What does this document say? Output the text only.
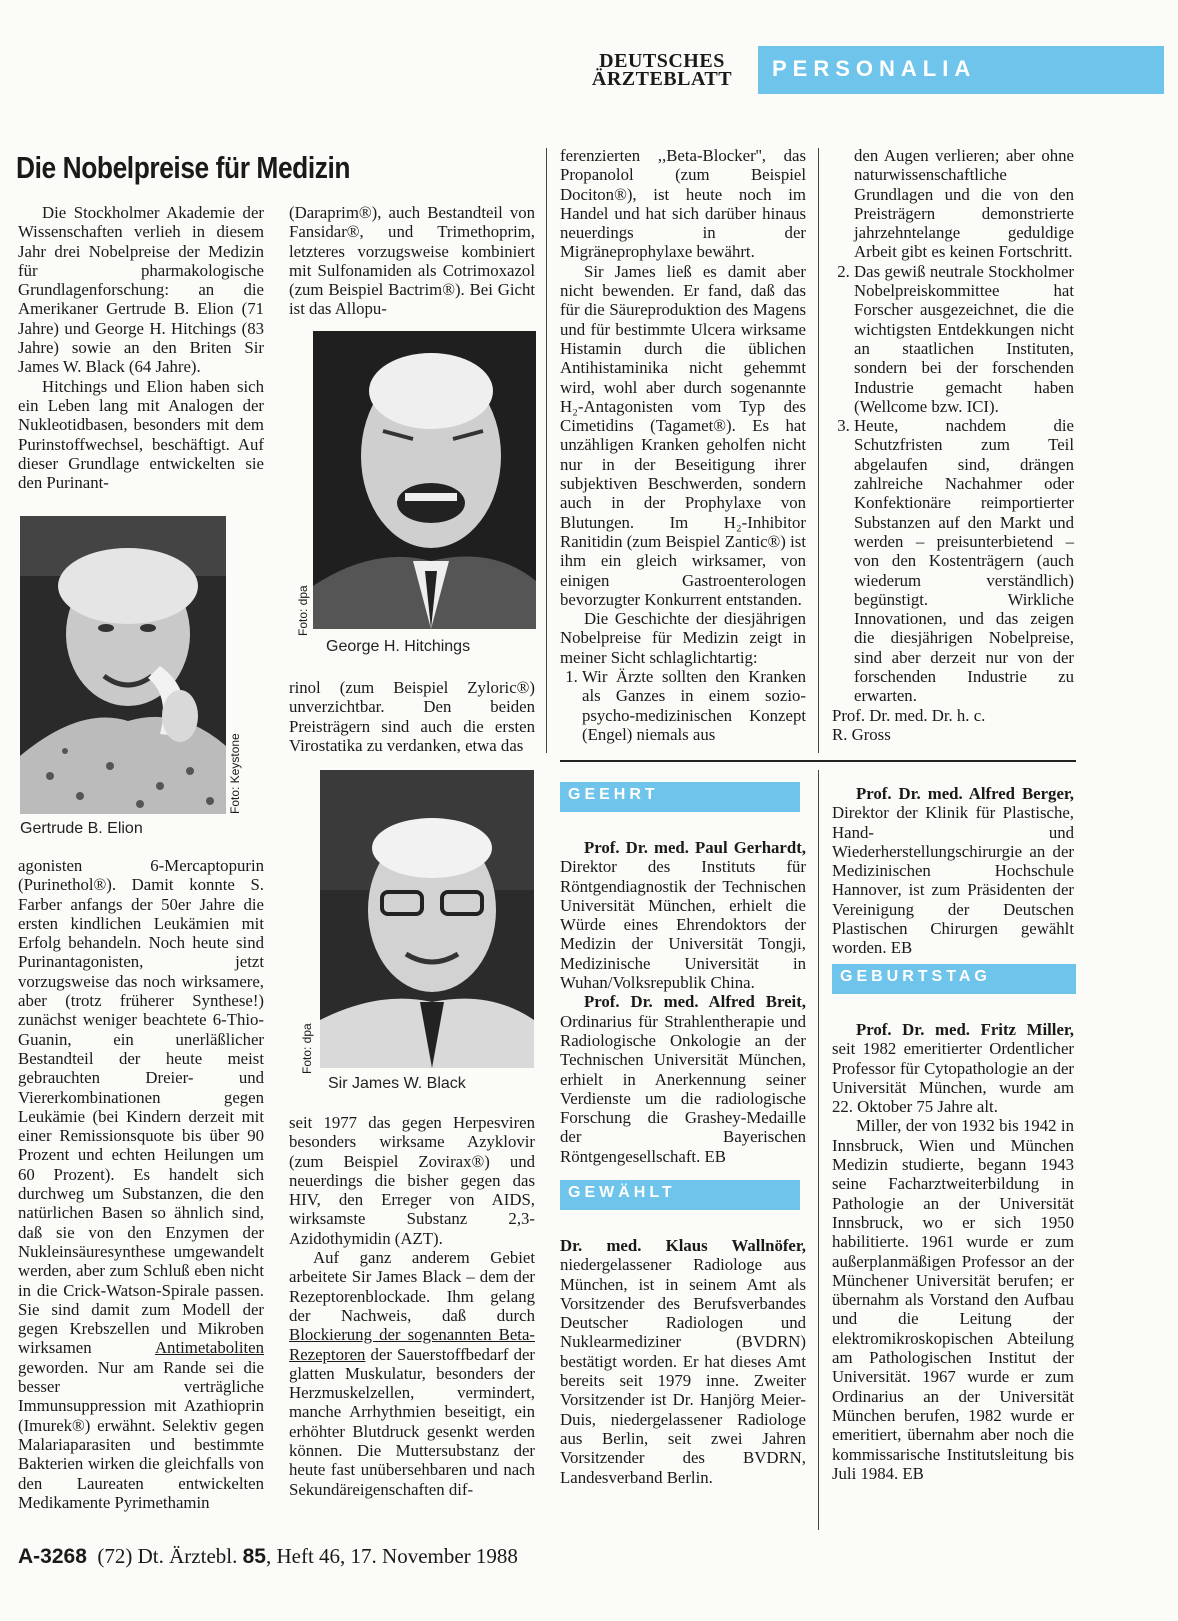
DEUTSCHES ÄRZTEBLATT	PERSONALIA
Die Nobelpreise für Medizin

Die Stockholmer Akademie der Wissenschaften verlieh in diesem Jahr drei Nobelpreise der Medizin für pharmakologische Grundlagenforschung: an die Amerikaner Gertrude B. Elion (71 Jahre) und George H. Hitchings (83 Jahre) sowie an den Briten Sir James W. Black (64 Jahre).

Hitchings und Elion haben sich ein Leben lang mit Analogen der Nukleotidbasen, besonders mit dem Purinstoffwechsel, beschäftigt. Auf dieser Grundlage entwickelten sie den Purinant-

Foto: Keystone
Gertrude B. Elion

agonisten 6-Mercaptopurin (Purinethol®). Damit konnte S. Farber anfangs der 50er Jahre die ersten kindlichen Leukämien mit Erfolg behandeln. Noch heute sind Purinantagonisten, jetzt vorzugsweise das noch wirksamere, aber (trotz früherer Synthese!) zunächst weniger beachtete 6-Thio-Guanin, ein unerläßlicher Bestandteil der heute meist gebrauchten Dreier- und Viererkombinationen gegen Leukämie (bei Kindern derzeit mit einer Remissionsquote bis über 90 Prozent und echten Heilungen um 60 Prozent). Es handelt sich durchweg um Substanzen, die den natürlichen Basen so ähnlich sind, daß sie von den Enzymen der Nukleinsäuresynthese umgewandelt werden, aber zum Schluß eben nicht in die Crick-Watson-Spirale passen. Sie sind damit zum Modell der gegen Krebszellen und Mikroben wirksamen	Antimetaboliten geworden. Nur am Rande sei die besser verträgliche Immunsuppression mit Azathioprin (Imurek®) erwähnt. Selektiv gegen Malariaparasiten und bestimmte Bakterien wirken die gleichfalls von den Laureaten entwickelten Medikamente Pyrimethamin

(Daraprim®), auch Bestandteil von Fansidar®, und Trimethoprim, letzteres vorzugsweise kombiniert mit Sulfonamiden als Cotrimoxazol (zum Beispiel Bactrim®). Bei Gicht ist das Allopu-

Foto: dpa
George H. Hitchings

rinol (zum Beispiel Zyloric®) unverzichtbar. Den beiden Preisträgern sind auch die ersten Virostatika zu verdanken, etwa das

Foto: dpa
Sir James W. Black

seit 1977 das gegen Herpesviren besonders wirksame Azyklovir (zum Beispiel Zovirax®) und neuerdings die bisher gegen das HIV, den Erreger von AIDS, wirksamste Substanz 2,3-Azidothymidin (AZT).

Auf ganz anderem Gebiet arbeitete Sir James Black – dem der Rezeptorenblockade. Ihm gelang der Nachweis, daß durch Blockierung der sogenannten Beta-Rezeptoren der Sauerstoffbedarf der glatten Muskulatur, besonders der Herzmuskelzellen, vermindert, manche Arrhythmien beseitigt, ein erhöhter Blutdruck gesenkt werden können. Die Muttersubstanz der heute fast unübersehbaren und nach Sekundäreigenschaften dif-

ferenzierten ,,Beta-Blocker'', das Propanolol (zum Beispiel Dociton®), ist heute noch im Handel und hat sich darüber hinaus neuerdings in der Migräneprophylaxe bewährt.

Sir James ließ es damit aber nicht bewenden. Er fand, daß das für die Säureproduktion des Magens und für bestimmte Ulcera wirksame Histamin durch die üblichen Antihistaminika nicht gehemmt wird, wohl aber durch sogenannte H₂-Antagonisten vom Typ des Cimetidins (Tagamet®). Es hat unzähligen Kranken geholfen nicht nur in der Beseitigung ihrer subjektiven Beschwerden, sondern auch in der Prophylaxe von Blutungen. Im H₂-Inhibitor Ranitidin (zum Beispiel Zantic®) ist ihm ein gleich wirksamer, von einigen Gastroenterologen bevorzugter Konkurrent entstanden.

Die Geschichte der diesjährigen Nobelpreise für Medizin zeigt in meiner Sicht schlaglichtartig:

1. Wir Ärzte sollten den Kranken als Ganzes in einem sozio-psycho-medizinischen Konzept (Engel) niemals aus

den Augen verlieren; aber ohne naturwissenschaftliche Grundlagen und die von den Preisträgern demonstrierte jahrzehntelange geduldige Arbeit gibt es keinen Fortschritt.

2. Das gewiß neutrale Stockholmer Nobelpreiskommittee hat Forscher ausgezeichnet, die die wichtigsten Entdekkungen nicht an staatlichen Instituten, sondern bei der forschenden Industrie gemacht haben (Wellcome bzw. ICI).
3. Heute, nachdem die Schutzfristen zum Teil abgelaufen sind, drängen zahlreiche Nachahmer oder Konfektionäre reimportierter Substanzen auf den Markt und werden – preisunterbietend – von den Kostenträgern (auch wiederum verständlich) begünstigt. Wirkliche Innovationen, und das zeigen die diesjährigen Nobelpreise, sind aber derzeit nur von der forschenden Industrie zu erwarten.

Prof. Dr. med. Dr. h. c.

R. Gross

GEEHRT

Prof. Dr. med. Paul Gerhardt, Direktor des Instituts für Röntgendiagnostik der Technischen Universität München, erhielt die Würde eines Ehrendoktors der Medizin der Universität Tongji, Medizinische Universität in Wuhan/Volksrepublik China.

Prof. Dr. med. Alfred Breit, Ordinarius für Strahlentherapie und Radiologische Onkologie an der Technischen Universität München, erhielt in Anerkennung seiner Verdienste um die radiologische Forschung die Grashey-Medaille der Bayerischen Röntgengesellschaft. EB

Prof. Dr. med. Alfred Berger, Direktor der Klinik für Plastische, Hand- und Wiederherstellungschirurgie an der Medizinischen Hochschule Hannover, ist zum Präsidenten der Vereinigung der Deutschen Plastischen Chirurgen gewählt worden. EB

GEWÄHLT

Dr. med. Klaus Wallnöfer, niedergelassener Radiologe aus München, ist in seinem Amt als Vorsitzender des Berufsverbandes Deutscher Radiologen und Nuklearmediziner (BVDRN) bestätigt worden. Er hat dieses Amt bereits seit 1979 inne. Zweiter Vorsitzender ist Dr. Hanjörg Meier-Duis, niedergelassener Radiologe aus Berlin, seit zwei Jahren Vorsitzender des BVDRN, Landesverband Berlin.

GEBURTSTAG

Prof. Dr. med. Fritz Miller, seit 1982 emeritierter Ordentlicher Professor für Cytopathologie an der Universität München, wurde am 22. Oktober 75 Jahre alt.

Miller, der von 1932 bis 1942 in Innsbruck, Wien und München Medizin studierte, begann 1943 seine Facharztweiterbildung in Pathologie an der Universität Innsbruck, wo er sich 1950 habilitierte. 1961 wurde er zum außerplanmäßigen Professor an der Münchener Universität berufen; er übernahm als Vorstand den Aufbau und die Leitung der elektromikroskopischen Abteilung am Pathologischen Institut der Universität. 1967 wurde er zum Ordinarius an der Universität München berufen, 1982 wurde er emeritiert, übernahm aber noch die kommissarische Institutsleitung bis Juli 1984. EB

A-3268 (72) Dt. Ärztebl. 85, Heft 46, 17. November 1988
